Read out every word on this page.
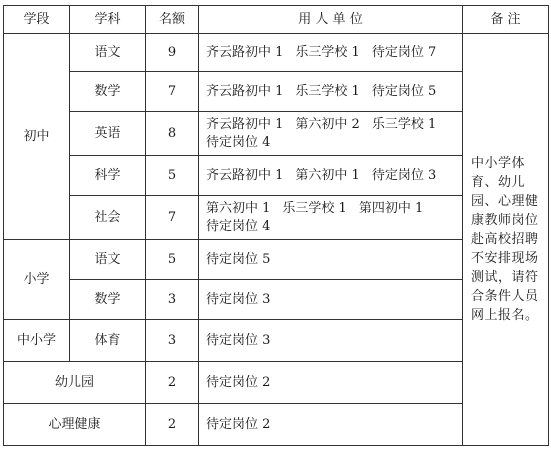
学段	学科	名额	用 人 单 位	备 注
初中	语文	9	齐云路初中 1 乐三学校 1 待定岗位 7	中小学体育、幼儿园、心理健康教师岗位赴高校招聘不安排现场测试，请符合条件人员网上报名。
	数学	7	齐云路初中 1 乐三学校 1 待定岗位 5	
	英语	8	齐云路初中 1 第六初中 2 乐三学校 1待定岗位 4	
	科学	5	齐云路初中 1 第六初中 1 待定岗位 3	
	社会	7	第六初中 1 乐三学校 1 第四初中 1待定岗位 4	
小学	语文	5	待定岗位 5	
	数学	3	待定岗位 3	
中小学	体育	3	待定岗位 3	
幼儿园		2	待定岗位 2	
心理健康		2	待定岗位 2	
